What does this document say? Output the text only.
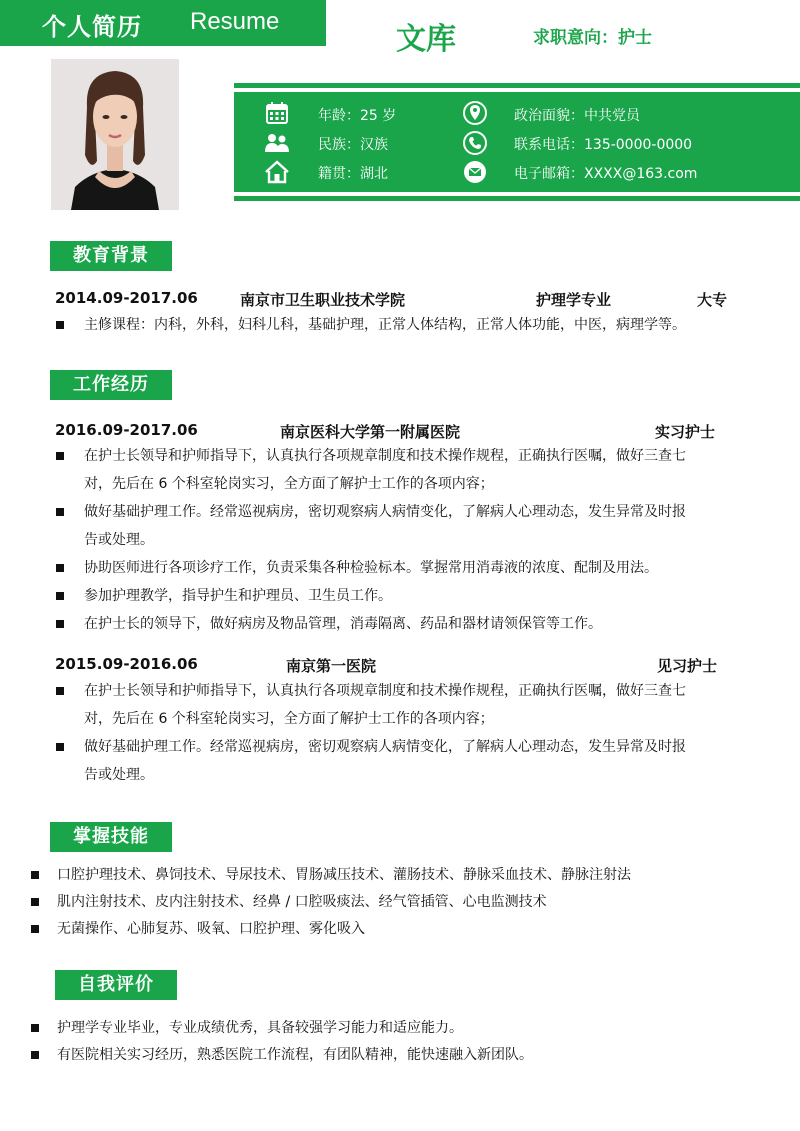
个人简历 Resume
文库	求职意向：护士
年龄：25 岁
民族：汉族
籍贯：湖北
政治面貌：中共党员
联系电话：135-0000-0000
电子邮箱：XXXX@163.com
教育背景
2014.09-2017.06	南京市卫生职业技术学院	护理学专业	大专
主修课程：内科，外科，妇科儿科，基础护理，正常人体结构，正常人体功能，中医，病理学等。
工作经历
2016.09-2017.06	南京医科大学第一附属医院	实习护士
在护士长领导和护师指导下，认真执行各项规章制度和技术操作规程，正确执行医嘱，做好三查七
对，先后在 6 个科室轮岗实习，全方面了解护士工作的各项内容；
做好基础护理工作。经常巡视病房，密切观察病人病情变化，了解病人心理动态，发生异常及时报
告或处理。
协助医师进行各项诊疗工作，负责采集各种检验标本。掌握常用消毒液的浓度、配制及用法。
参加护理教学，指导护生和护理员、卫生员工作。
在护士长的领导下，做好病房及物品管理，消毒隔离、药品和器材请领保管等工作。
2015.09-2016.06	南京第一医院	见习护士
在护士长领导和护师指导下，认真执行各项规章制度和技术操作规程，正确执行医嘱，做好三查七
对，先后在 6 个科室轮岗实习，全方面了解护士工作的各项内容；
做好基础护理工作。经常巡视病房，密切观察病人病情变化，了解病人心理动态，发生异常及时报
告或处理。
掌握技能
口腔护理技术、鼻饲技术、导尿技术、胃肠减压技术、灌肠技术、静脉采血技术、静脉注射法
肌内注射技术、皮内注射技术、经鼻 / 口腔吸痰法、经气管插管、心电监测技术
无菌操作、心肺复苏、吸氧、口腔护理、雾化吸入
自我评价
护理学专业毕业，专业成绩优秀，具备较强学习能力和适应能力。
有医院相关实习经历，熟悉医院工作流程，有团队精神，能快速融入新团队。
